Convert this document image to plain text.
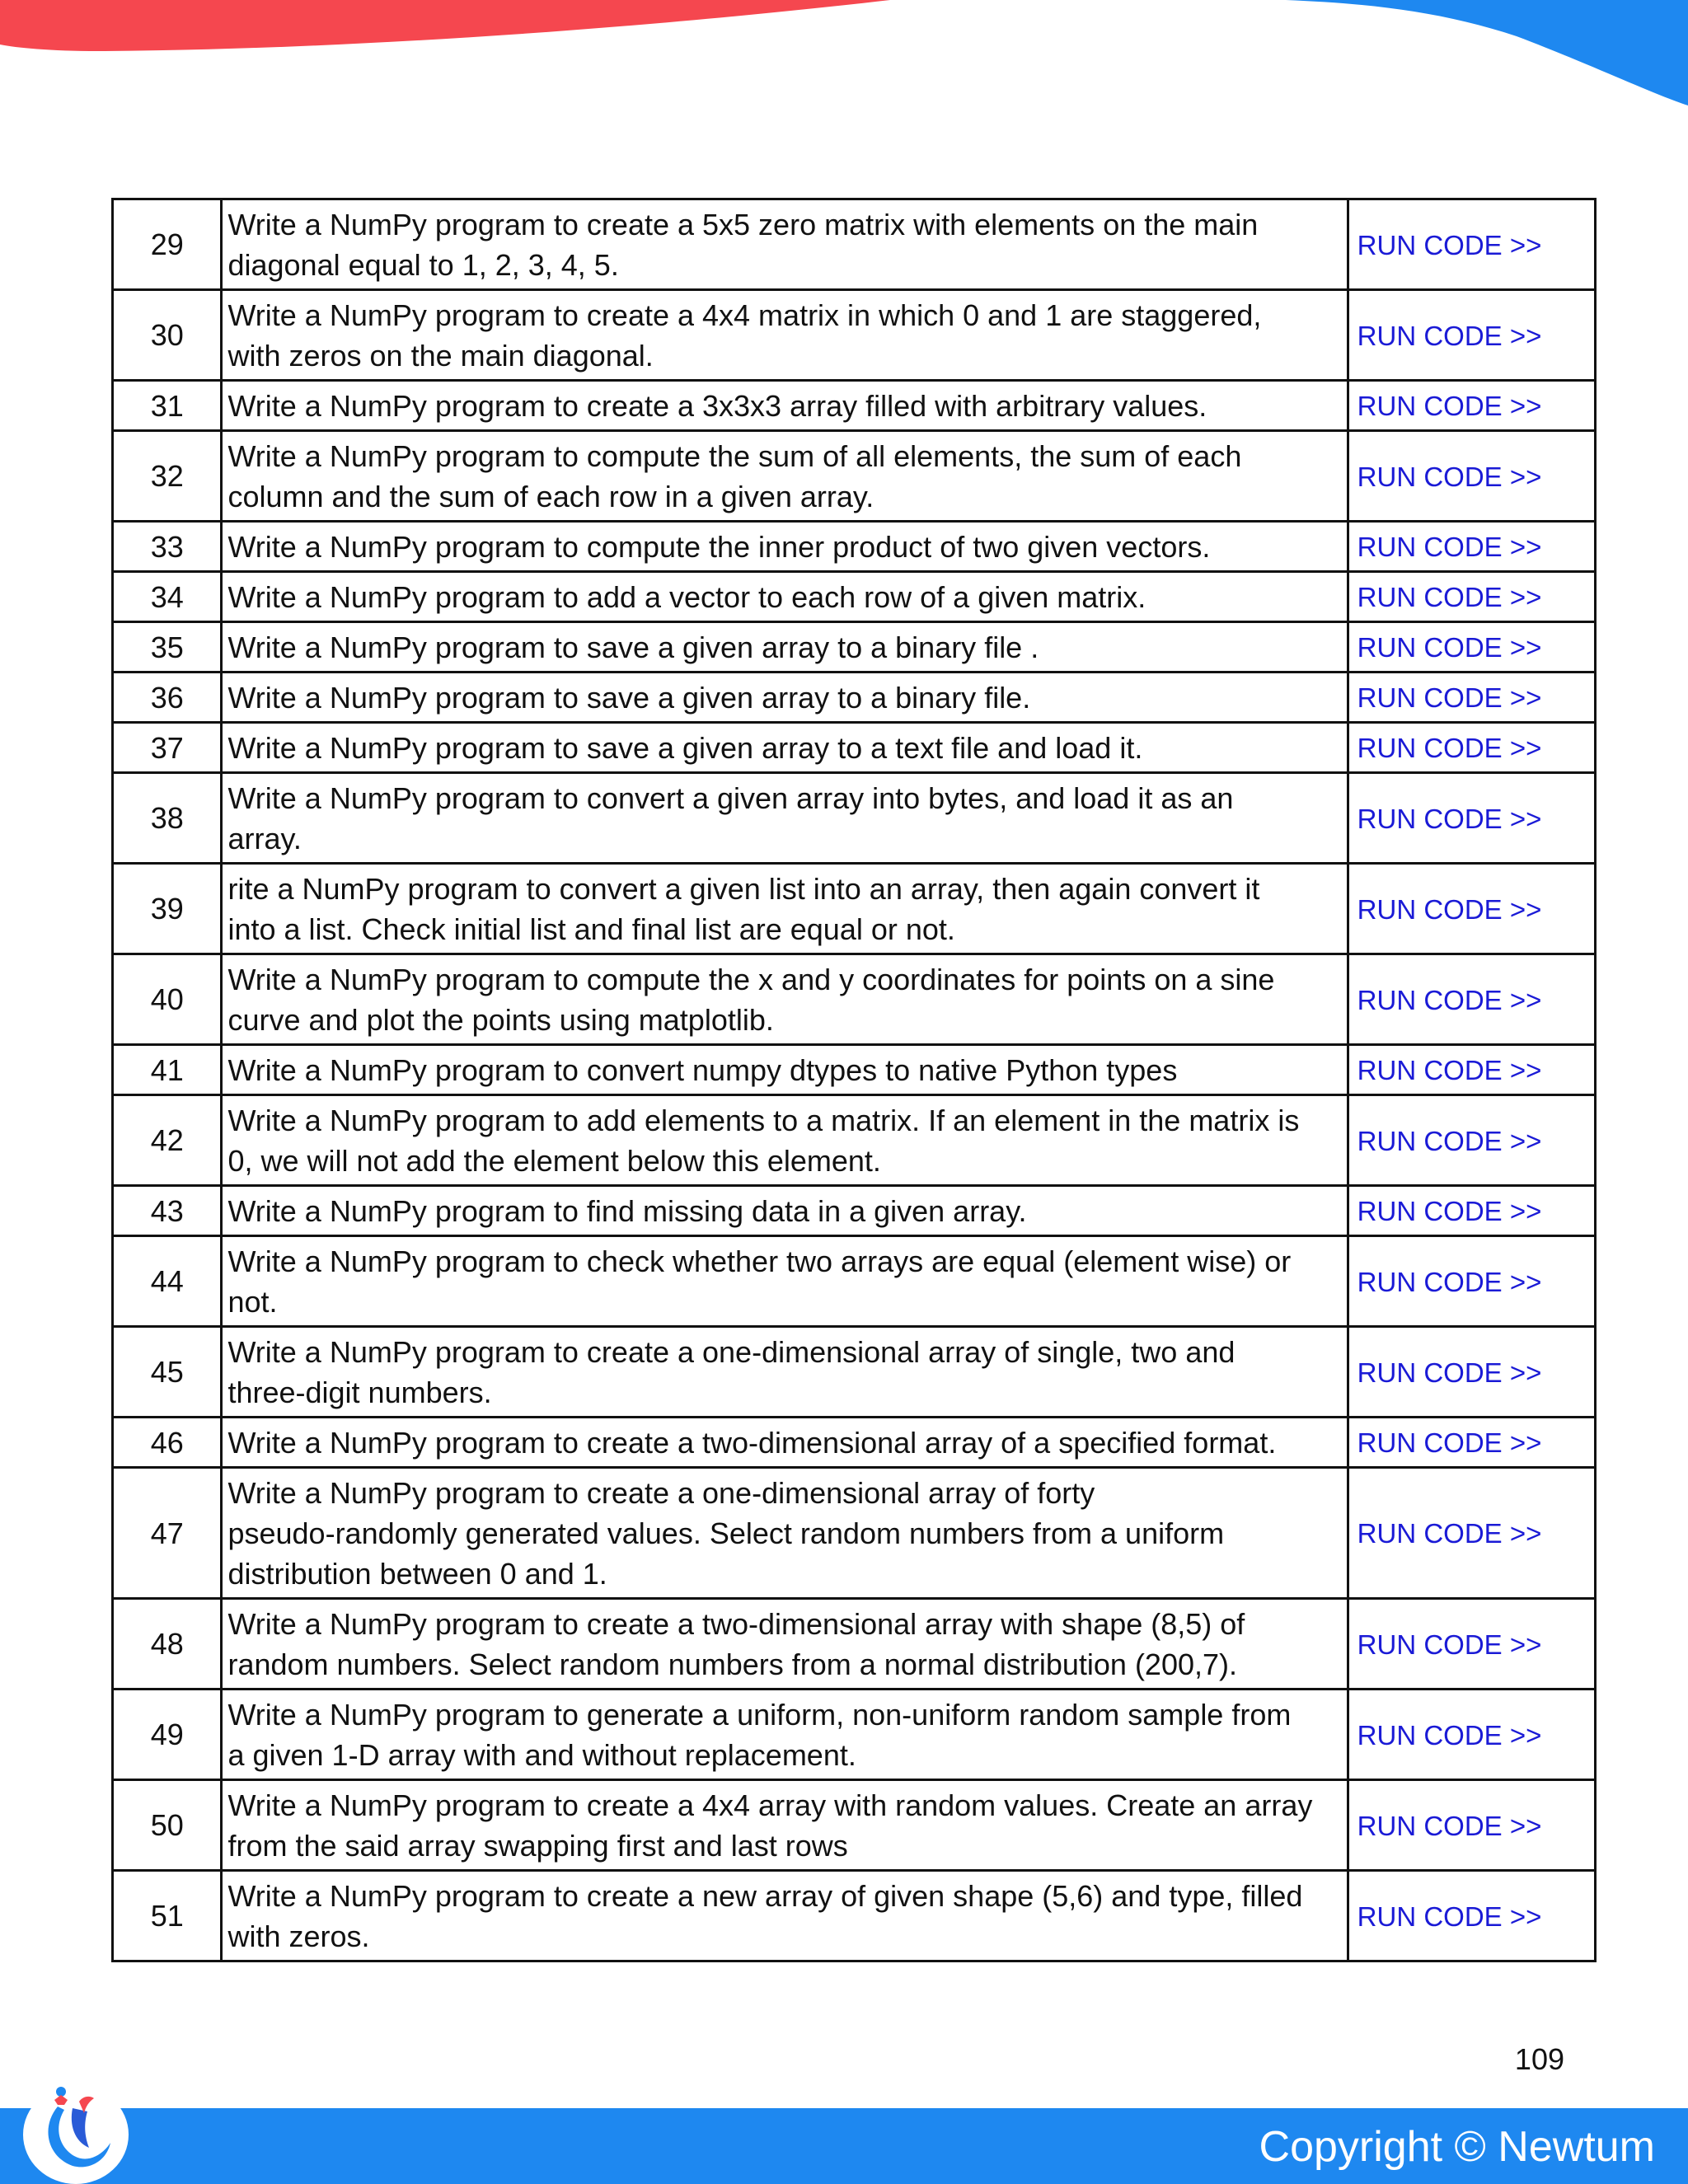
29	Write a NumPy program to create a 5x5 zero matrix with elements on the main
diagonal equal to 1, 2, 3, 4, 5.	RUN CODE >>
30	Write a NumPy program to create a 4x4 matrix in which 0 and 1 are staggered,
with zeros on the main diagonal.	RUN CODE >>
31	Write a NumPy program to create a 3x3x3 array filled with arbitrary values.	RUN CODE >>
32	Write a NumPy program to compute the sum of all elements, the sum of each
column and the sum of each row in a given array.	RUN CODE >>
33	Write a NumPy program to compute the inner product of two given vectors.	RUN CODE >>
34	Write a NumPy program to add a vector to each row of a given matrix.	RUN CODE >>
35	Write a NumPy program to save a given array to a binary file .	RUN CODE >>
36	Write a NumPy program to save a given array to a binary file.	RUN CODE >>
37	Write a NumPy program to save a given array to a text file and load it.	RUN CODE >>
38	Write a NumPy program to convert a given array into bytes, and load it as an
array.	RUN CODE >>
39	rite a NumPy program to convert a given list into an array, then again convert it
into a list. Check initial list and final list are equal or not.	RUN CODE >>
40	Write a NumPy program to compute the x and y coordinates for points on a sine
curve and plot the points using matplotlib.	RUN CODE >>
41	Write a NumPy program to convert numpy dtypes to native Python types	RUN CODE >>
42	Write a NumPy program to add elements to a matrix. If an element in the matrix is
0, we will not add the element below this element.	RUN CODE >>
43	Write a NumPy program to find missing data in a given array.	RUN CODE >>
44	Write a NumPy program to check whether two arrays are equal (element wise) or
not.	RUN CODE >>
45	Write a NumPy program to create a one-dimensional array of single, two and
three-digit numbers.	RUN CODE >>
46	Write a NumPy program to create a two-dimensional array of a specified format.	RUN CODE >>
47	Write a NumPy program to create a one-dimensional array of forty
pseudo-randomly generated values. Select random numbers from a uniform
distribution between 0 and 1.	RUN CODE >>
48	Write a NumPy program to create a two-dimensional array with shape (8,5) of
random numbers. Select random numbers from a normal distribution (200,7).	RUN CODE >>
49	Write a NumPy program to generate a uniform, non-uniform random sample from
a given 1-D array with and without replacement.	RUN CODE >>
50	Write a NumPy program to create a 4x4 array with random values. Create an array
from the said array swapping first and last rows	RUN CODE >>
51	Write a NumPy program to create a new array of given shape (5,6) and type, filled
with zeros.	RUN CODE >>
109
Copyright © Newtum
